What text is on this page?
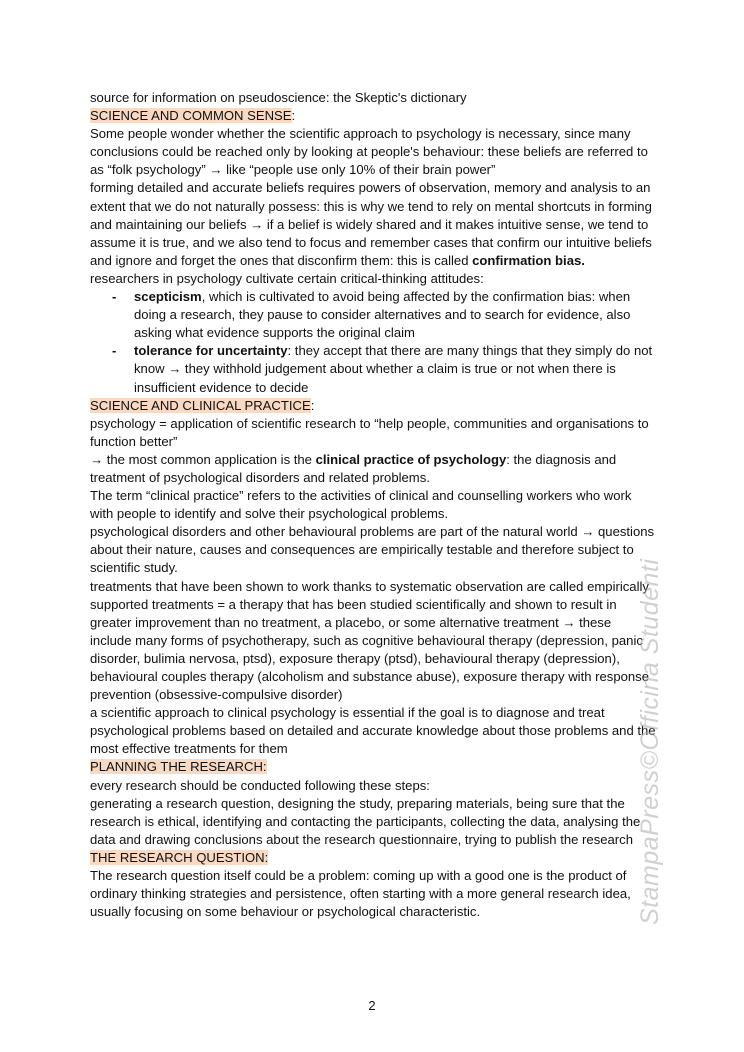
source for information on pseudoscience: the Skeptic's dictionary

SCIENCE AND COMMON SENSE:

Some people wonder whether the scientific approach to psychology is necessary, since many conclusions could be reached only by looking at people's behaviour: these beliefs are referred to as “folk psychology” → like “people use only 10% of their brain power”

forming detailed and accurate beliefs requires powers of observation, memory and analysis to an extent that we do not naturally possess: this is why we tend to rely on mental shortcuts in forming and maintaining our beliefs → if a belief is widely shared and it makes intuitive sense, we tend to assume it is true, and we also tend to focus and remember cases that confirm our intuitive beliefs and ignore and forget the ones that disconfirm them: this is called confirmation bias.

researchers in psychology cultivate certain critical-thinking attitudes:

- scepticism, which is cultivated to avoid being affected by the confirmation bias: when doing a research, they pause to consider alternatives and to search for evidence, also asking what evidence supports the original claim
- tolerance for uncertainty: they accept that there are many things that they simply do not know → they withhold judgement about whether a claim is true or not when there is insufficient evidence to decide

SCIENCE AND CLINICAL PRACTICE:

psychology = application of scientific research to “help people, communities and organisations to function better”

→ the most common application is the clinical practice of psychology: the diagnosis and treatment of psychological disorders and related problems.

The term “clinical practice” refers to the activities of clinical and counselling workers who work with people to identify and solve their psychological problems.

psychological disorders and other behavioural problems are part of the natural world → questions about their nature, causes and consequences are empirically testable and therefore subject to scientific study.

treatments that have been shown to work thanks to systematic observation are called empirically supported treatments = a therapy that has been studied scientifically and shown to result in greater improvement than no treatment, a placebo, or some alternative treatment → these include many forms of psychotherapy, such as cognitive behavioural therapy (depression, panic disorder, bulimia nervosa, ptsd), exposure therapy (ptsd), behavioural therapy (depression), behavioural couples therapy (alcoholism and substance abuse), exposure therapy with response prevention (obsessive-compulsive disorder)

a scientific approach to clinical psychology is essential if the goal is to diagnose and treat psychological problems based on detailed and accurate knowledge about those problems and the most effective treatments for them

PLANNING THE RESEARCH:

every research should be conducted following these steps:

generating a research question, designing the study, preparing materials, being sure that the research is ethical, identifying and contacting the participants, collecting the data, analysing the data and drawing conclusions about the research questionnaire, trying to publish the research

THE RESEARCH QUESTION:

The research question itself could be a problem: coming up with a good one is the product of ordinary thinking strategies and persistence, often starting with a more general research idea, usually focusing on some behaviour or psychological characteristic.

2
StampaPress©Officina Studenti
